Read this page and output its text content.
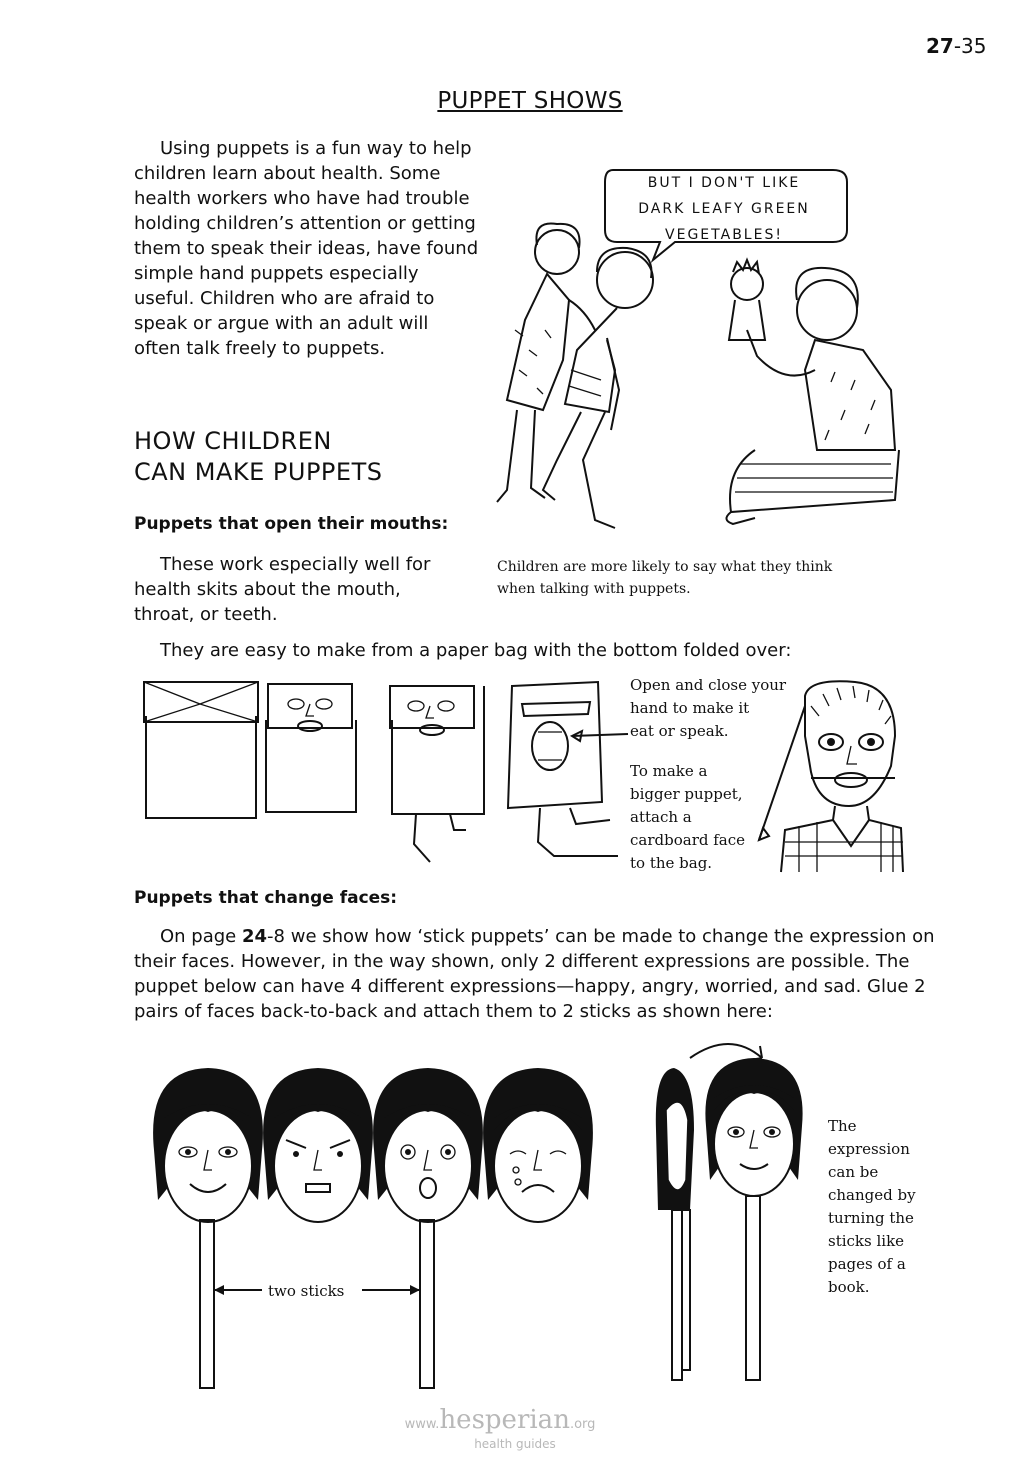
27-35
PUPPET SHOWS
Using puppets is a fun way to help children learn about health. Some health workers who have had trouble holding children’s attention or getting them to speak their ideas, have found simple hand puppets especially useful. Children who are afraid to speak or argue with an adult will often talk freely to puppets.
BUT I DON'T LIKE
DARK LEAFY GREEN
VEGETABLES!
Children are more likely to say what they think
when talking with puppets.
HOW CHILDREN
CAN MAKE PUPPETS
Puppets that open their mouths:
These work especially well for
health skits about the mouth,
throat, or teeth.
They are easy to make from a paper bag with the bottom folded over:
Open and close your
hand to make it
eat or speak.
To make a
bigger puppet,
attach a
cardboard face
to the bag.
Puppets that change faces:
On page 24-8 we show how ‘stick puppets’ can be made to change the expression on their faces. However, in the way shown, only 2 different expressions are possible. The puppet below can have 4 different expressions—happy, angry, worried, and sad. Glue 2 pairs of faces back-to-back and attach them to 2 sticks as shown here:
two sticks
The
expression
can be
changed by
turning the
sticks like
pages of a
book.
www.hesperian.org
health guides
